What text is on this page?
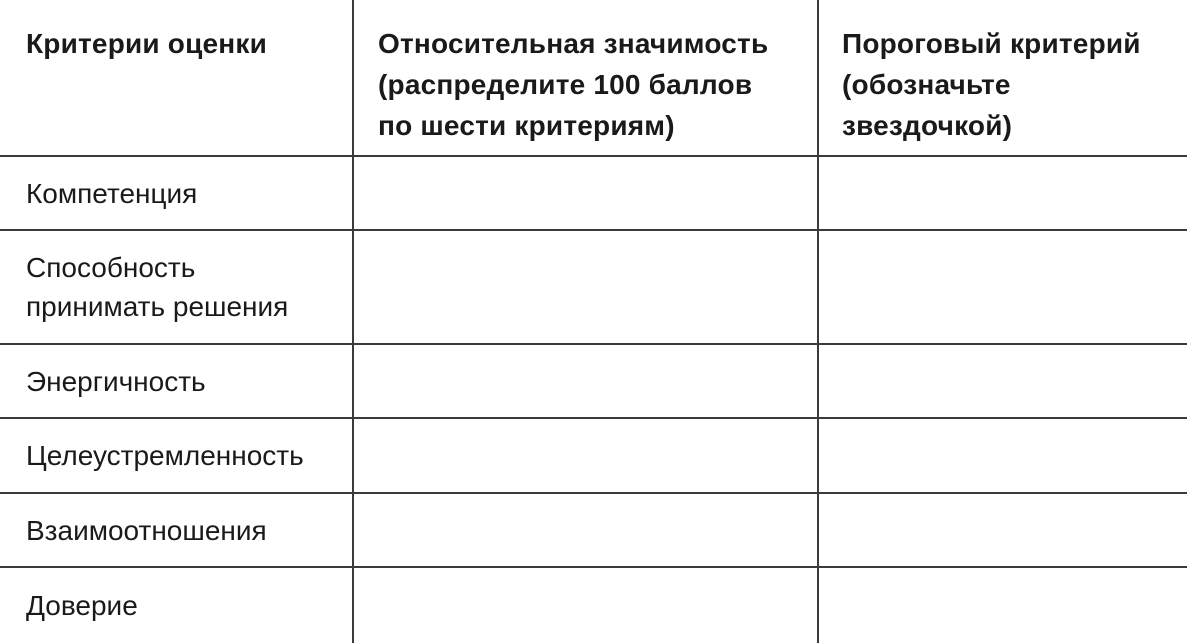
Критерии оценки	Относительная значимость
(распределите 100 баллов
по шести критериям)
Пороговый критерий
(обозначьте
звездочкой)
Компетенция
Способность
принимать решения
Энергичность
Целеустремленность
Взаимоотношения
Доверие
